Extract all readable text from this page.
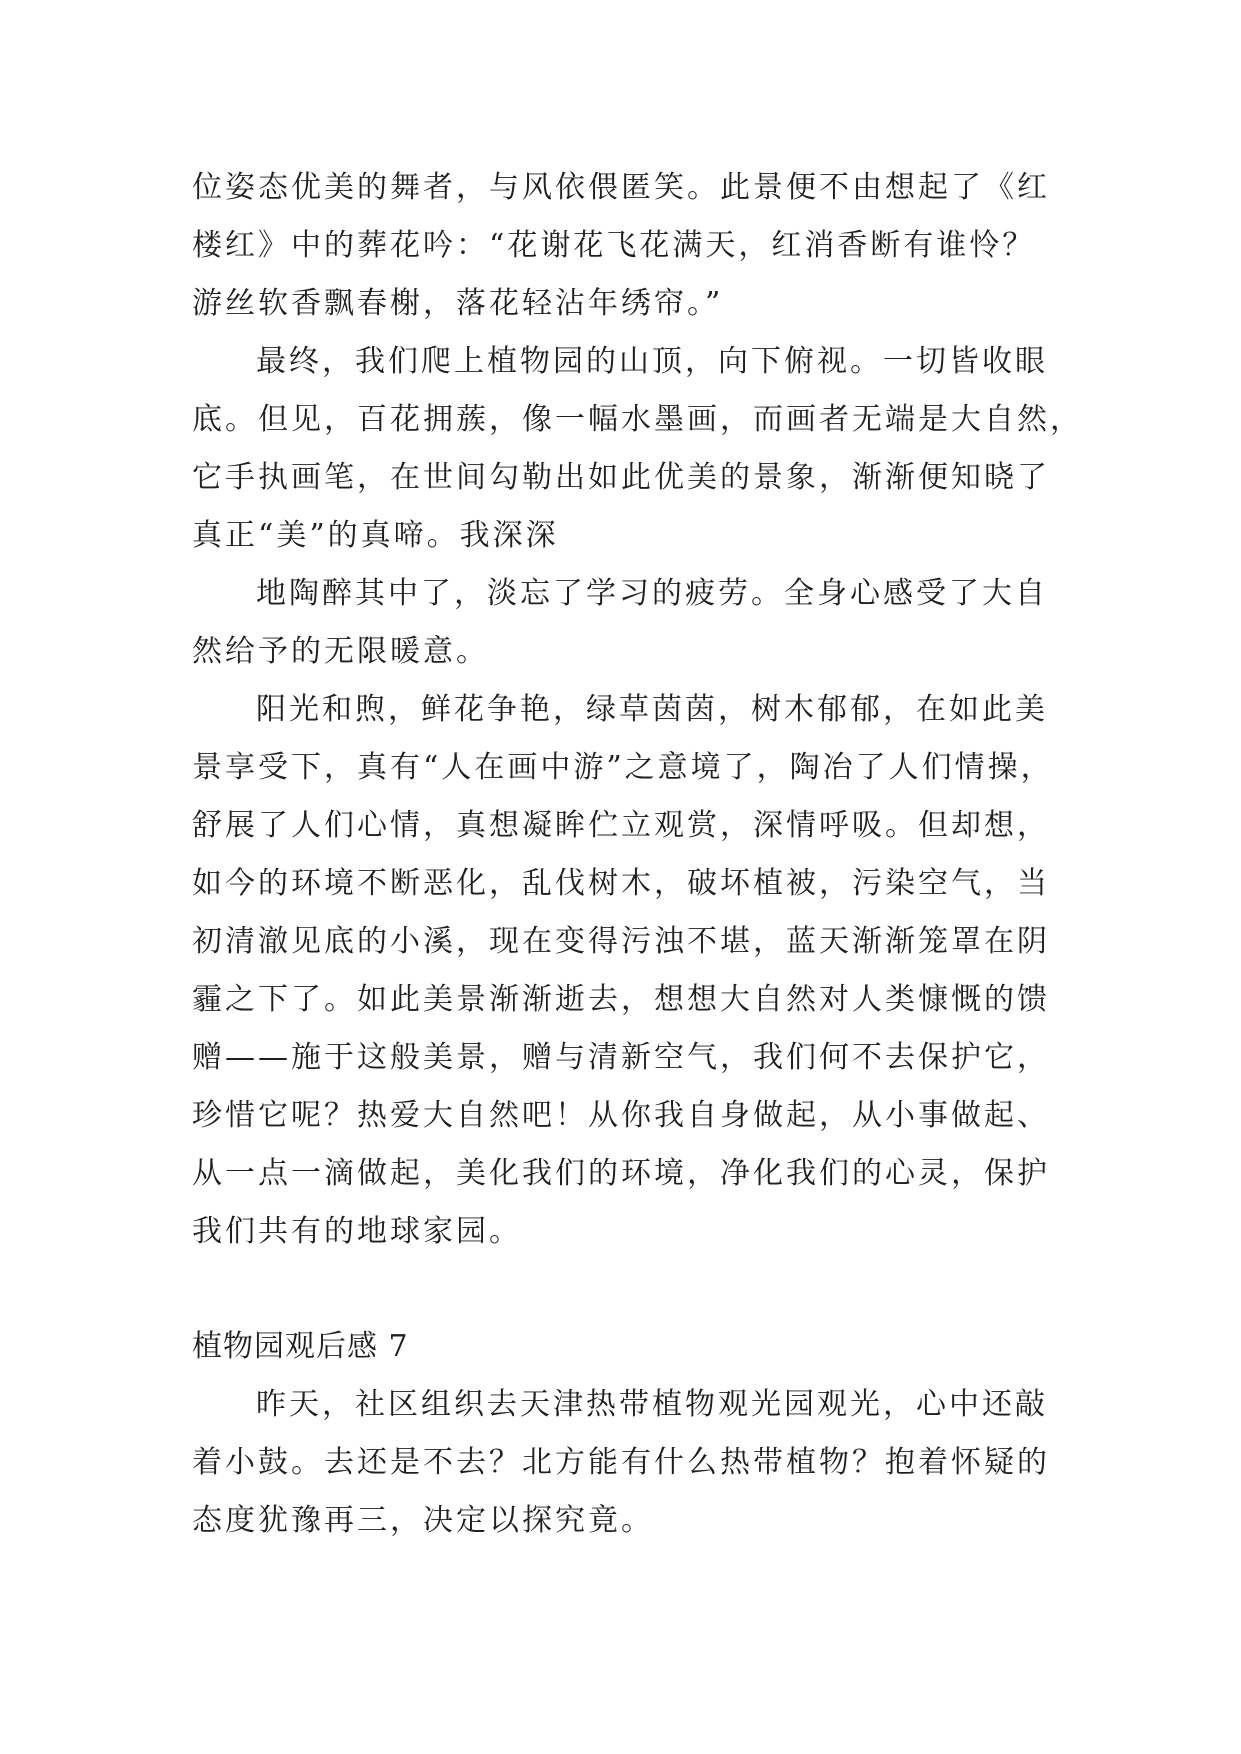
位姿态优美的舞者，与风依偎匿笑。此景便不由想起了《红
楼红》中的葬花吟：“花谢花飞花满天，红消香断有谁怜？
游丝软香飘春榭，落花轻沾年绣帘。”
最终，我们爬上植物园的山顶，向下俯视。一切皆收眼
底。但见，百花拥蔟，像一幅水墨画，而画者无端是大自然，
它手执画笔，在世间勾勒出如此优美的景象，渐渐便知晓了
真正“美”的真啼。我深深
地陶醉其中了，淡忘了学习的疲劳。全身心感受了大自
然给予的无限暖意。
阳光和煦，鲜花争艳，绿草茵茵，树木郁郁，在如此美
景享受下，真有“人在画中游”之意境了，陶冶了人们情操，
舒展了人们心情，真想凝眸伫立观赏，深情呼吸。但却想，
如今的环境不断恶化，乱伐树木，破坏植被，污染空气，当
初清澈见底的小溪，现在变得污浊不堪，蓝天渐渐笼罩在阴
霾之下了。如此美景渐渐逝去，想想大自然对人类慷慨的馈
赠——施于这般美景，赠与清新空气，我们何不去保护它，
珍惜它呢？热爱大自然吧！从你我自身做起，从小事做起、
从一点一滴做起，美化我们的环境，净化我们的心灵，保护
我们共有的地球家园。
植物园观后感 7
昨天，社区组织去天津热带植物观光园观光，心中还敲
着小鼓。去还是不去？北方能有什么热带植物？抱着怀疑的
态度犹豫再三，决定以探究竟。
